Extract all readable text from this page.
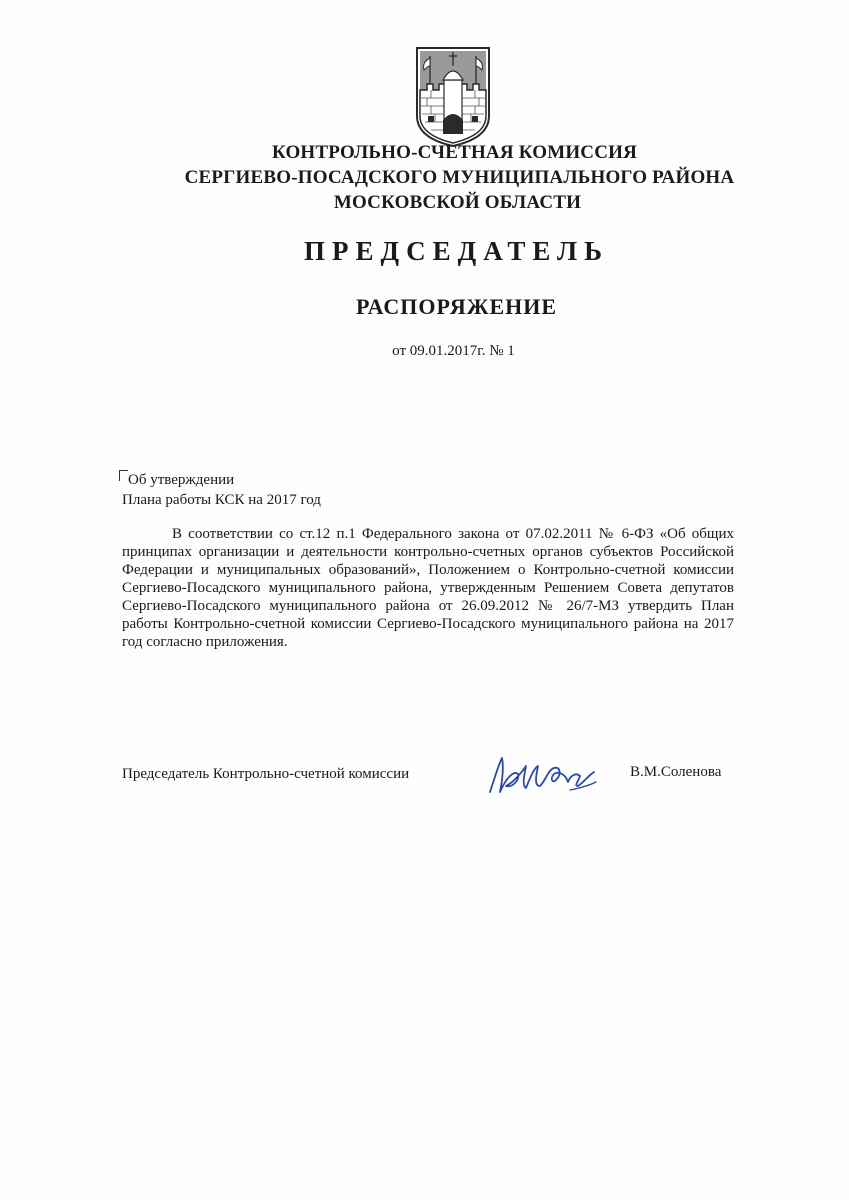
КОНТРОЛЬНО-СЧЕТНАЯ КОМИССИЯ
СЕРГИЕВО-ПОСАДСКОГО МУНИЦИПАЛЬНОГО РАЙОНА
МОСКОВСКОЙ ОБЛАСТИ
ПРЕДСЕДАТЕЛЬ
РАСПОРЯЖЕНИЕ
от 09.01.2017г. № 1
Об утверждении
Плана работы КСК на 2017 год

В соответствии со ст.12 п.1 Федерального закона от 07.02.2011 № 6-ФЗ «Об общих принципах организации и деятельности контрольно-счетных органов субъектов Российской Федерации и муниципальных образований», Положением о Контрольно-счетной комиссии Сергиево-Посадского муниципального района, утвержденным Решением Совета депутатов Сергиево-Посадского муниципального района от 26.09.2012 № 26/7-МЗ утвердить План работы Контрольно-счетной комиссии Сергиево-Посадского муниципального района на 2017 год согласно приложения.

Председатель Контрольно-счетной комиссии	В.М.Соленова
